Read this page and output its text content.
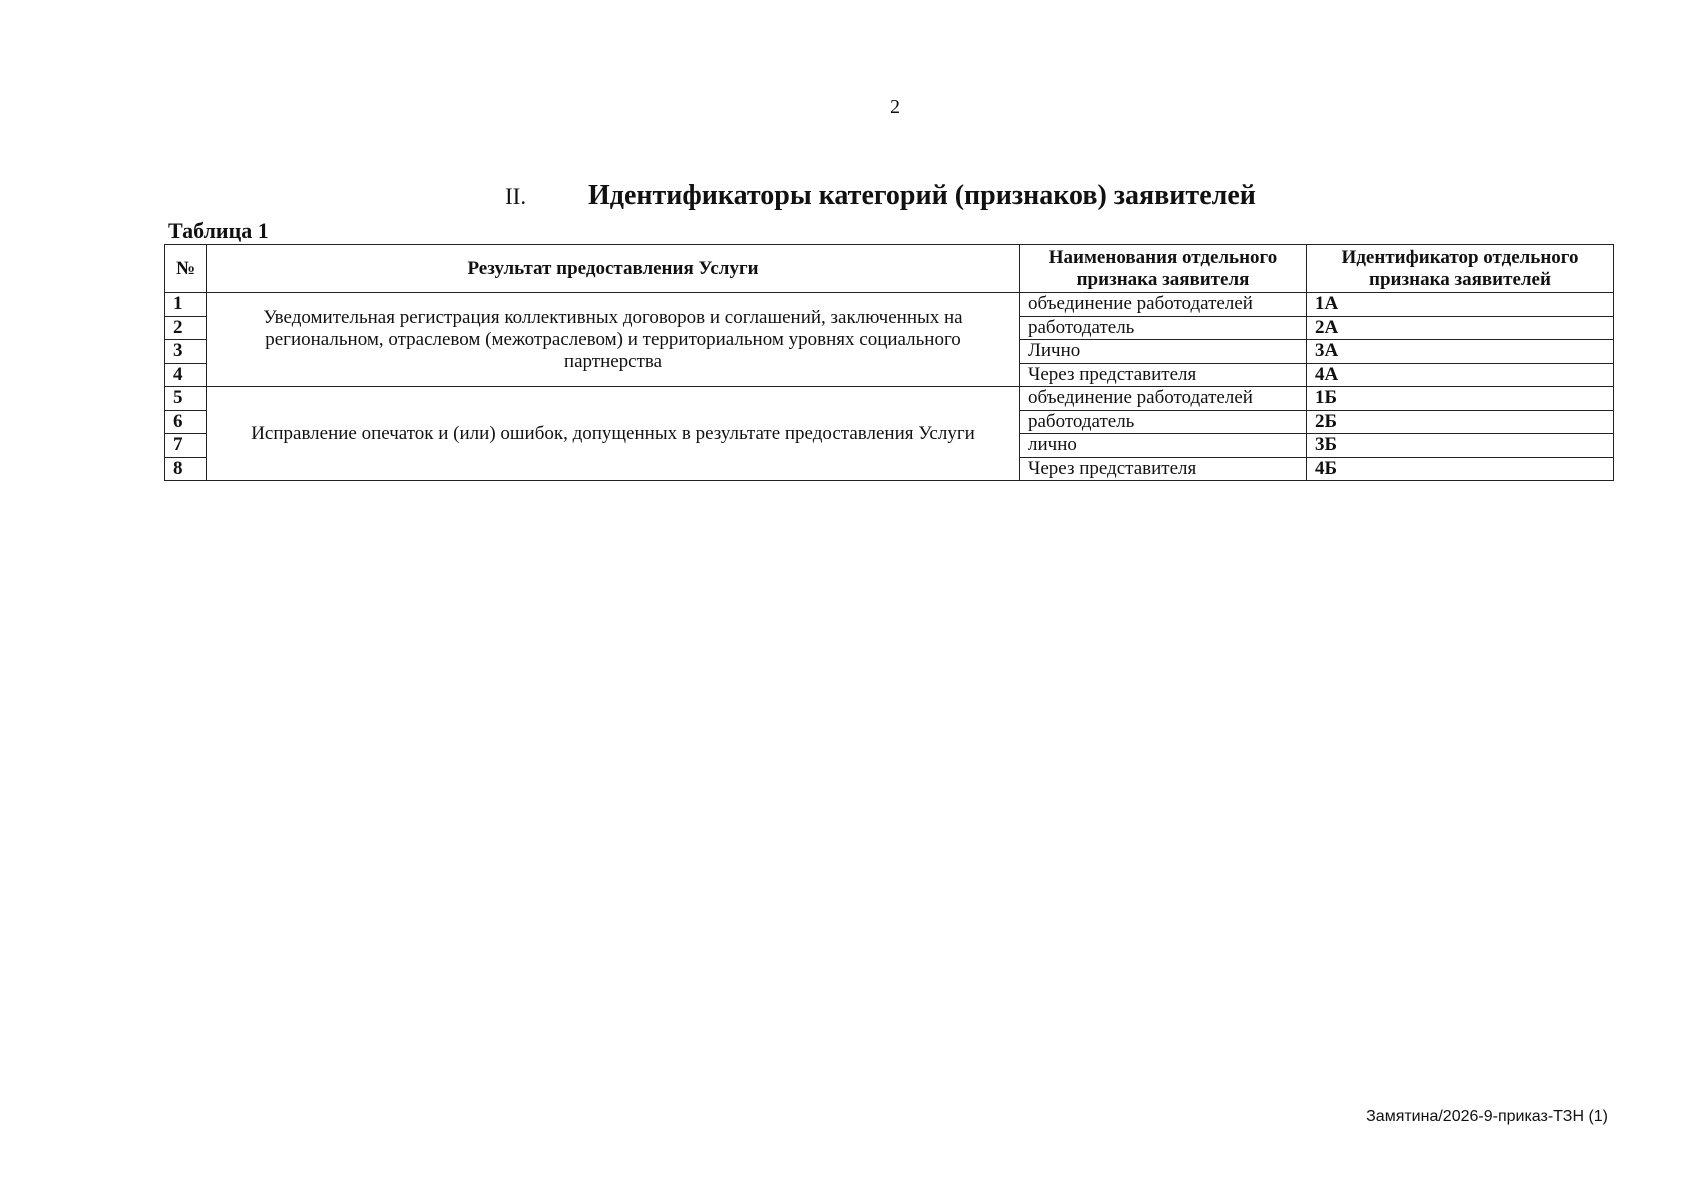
2
II. Идентификаторы категорий (признаков) заявителей
Таблица 1
№	Результат предоставления Услуги	Наименования отдельного признака заявителя	Идентификатор отдельного признака заявителей
1	Уведомительная регистрация коллективных договоров и соглашений, заключенных на региональном, отраслевом (межотраслевом) и территориальном уровнях социального партнерства	объединение работодателей	1А
2		работодатель	2А
3		Лично	3А
4		Через представителя	4А
5	Исправление опечаток и (или) ошибок, допущенных в результате предоставления Услуги	объединение работодателей	1Б
6		работодатель	2Б
7		лично	3Б
8		Через представителя	4Б
Замятина/2026-9-приказ-ТЗН (1)
